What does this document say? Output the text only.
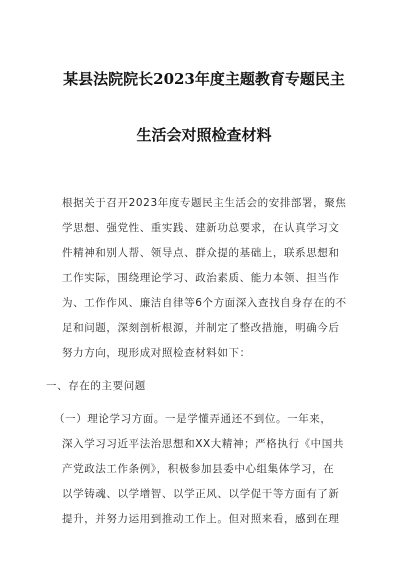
某县法院院长2023年度主题教育专题民主
生活会对照检查材料
根据关于召开2023年度专题民主生活会的安排部署，聚焦
学思想、强党性、重实践、建新功总要求，在认真学习文
件精神和别人帮、领导点、群众提的基础上，联系思想和
工作实际，围绕理论学习、政治素质、能力本领、担当作
为、工作作风、廉洁自律等6个方面深入查找自身存在的不
足和问题，深刻剖析根源，并制定了整改措施，明确今后
努力方向，现形成对照检查材料如下：
一、存在的主要问题
（一）理论学习方面。一是学懂弄通还不到位。一年来，
深入学习习近平法治思想和XX大精神；严格执行《中国共
产党政法工作条例》，积极参加县委中心组集体学习，在
以学铸魂、以学增智、以学正风、以学促干等方面有了新
提升，并努力运用到推动工作上。但对照来看，感到在理
